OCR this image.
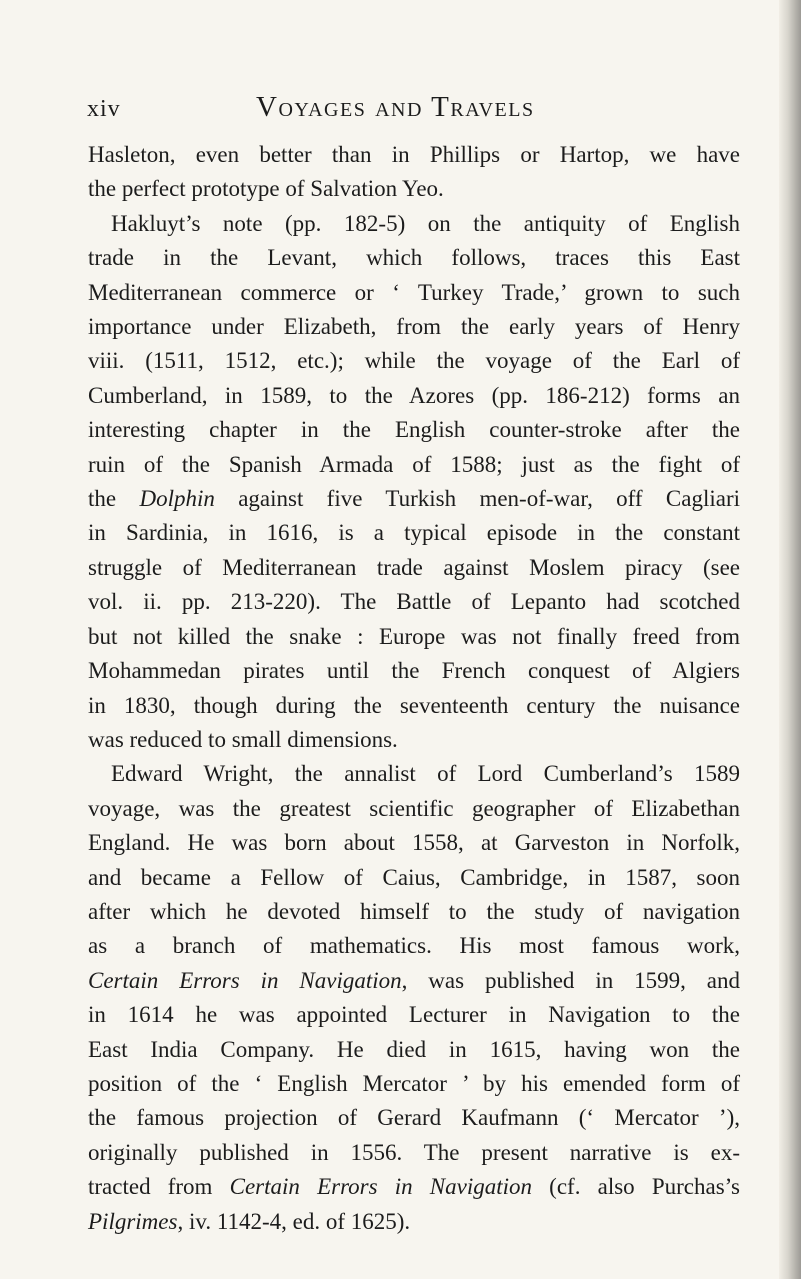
xiv	Voyages and Travels
Hasleton, even better than in Phillips or Hartop, we have
the perfect prototype of Salvation Yeo.
Hakluyt’s note (pp. 182-5) on the antiquity of English
trade in the Levant, which follows, traces this East
Mediterranean commerce or ‘ Turkey Trade,’ grown to such
importance under Elizabeth, from the early years of Henry
viii. (1511, 1512, etc.); while the voyage of the Earl of
Cumberland, in 1589, to the Azores (pp. 186-212) forms an
interesting chapter in the English counter-stroke after the
ruin of the Spanish Armada of 1588; just as the fight of
the Dolphin against five Turkish men-of-war, off Cagliari
in Sardinia, in 1616, is a typical episode in the constant
struggle of Mediterranean trade against Moslem piracy (see
vol. ii. pp. 213-220). The Battle of Lepanto had scotched
but not killed the snake : Europe was not finally freed from
Mohammedan pirates until the French conquest of Algiers
in 1830, though during the seventeenth century the nuisance
was reduced to small dimensions.
Edward Wright, the annalist of Lord Cumberland’s 1589
voyage, was the greatest scientific geographer of Elizabethan
England. He was born about 1558, at Garveston in Norfolk,
and became a Fellow of Caius, Cambridge, in 1587, soon
after which he devoted himself to the study of navigation
as a branch of mathematics. His most famous work,
Certain Errors in Navigation, was published in 1599, and
in 1614 he was appointed Lecturer in Navigation to the
East India Company. He died in 1615, having won the
position of the ‘ English Mercator ’ by his emended form of
the famous projection of Gerard Kaufmann (‘ Mercator ’),
originally published in 1556. The present narrative is ex-
tracted from Certain Errors in Navigation (cf. also Purchas’s
Pilgrimes, iv. 1142-4, ed. of 1625).
